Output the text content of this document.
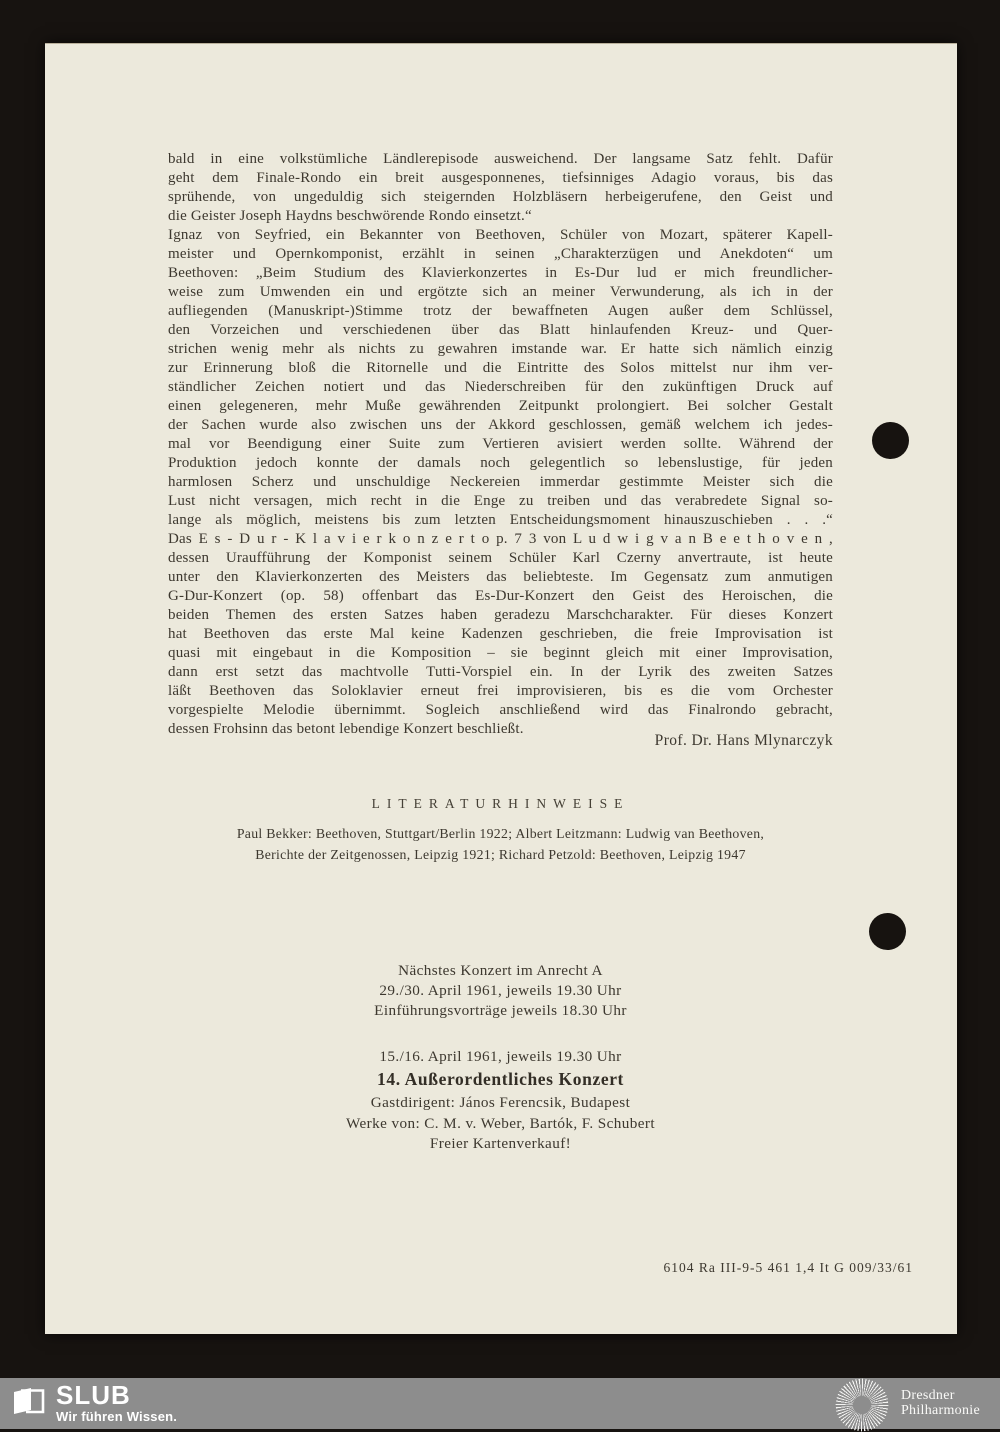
bald in eine volkstümliche Ländlerepisode ausweichend. Der langsame Satz fehlt. Dafür
geht dem Finale-Rondo ein breit ausgesponnenes, tiefsinniges Adagio voraus, bis das
sprühende, von ungeduldig sich steigernden Holzbläsern herbeigerufene, den Geist und
die Geister Joseph Haydns beschwörende Rondo einsetzt.“
Ignaz von Seyfried, ein Bekannter von Beethoven, Schüler von Mozart, späterer Kapell-
meister und Opernkomponist, erzählt in seinen „Charakterzügen und Anekdoten“ um
Beethoven: „Beim Studium des Klavierkonzertes in Es-Dur lud er mich freundlicher-
weise zum Umwenden ein und ergötzte sich an meiner Verwunderung, als ich in der
aufliegenden (Manuskript-)Stimme trotz der bewaffneten Augen außer dem Schlüssel,
den Vorzeichen und verschiedenen über das Blatt hinlaufenden Kreuz- und Quer-
strichen wenig mehr als nichts zu gewahren imstande war. Er hatte sich nämlich einzig
zur Erinnerung bloß die Ritornelle und die Eintritte des Solos mittelst nur ihm ver-
ständlicher Zeichen notiert und das Niederschreiben für den zukünftigen Druck auf
einen gelegeneren, mehr Muße gewährenden Zeitpunkt prolongiert. Bei solcher Gestalt
der Sachen wurde also zwischen uns der Akkord geschlossen, gemäß welchem ich jedes-
mal vor Beendigung einer Suite zum Vertieren avisiert werden sollte. Während der
Produktion jedoch konnte der damals noch gelegentlich so lebenslustige, für jeden
harmlosen Scherz und unschuldige Neckereien immerdar gestimmte Meister sich die
Lust nicht versagen, mich recht in die Enge zu treiben und das verabredete Signal so-
lange als möglich, meistens bis zum letzten Entscheidungsmoment hinauszuschieben . . .“
Das E s - D u r - K l a v i e r k o n z e r t o p. 7 3 von L u d w i g v a n B e e t h o v e n ,
dessen Uraufführung der Komponist seinem Schüler Karl Czerny anvertraute, ist heute
unter den Klavierkonzerten des Meisters das beliebteste. Im Gegensatz zum anmutigen
G-Dur-Konzert (op. 58) offenbart das Es-Dur-Konzert den Geist des Heroischen, die
beiden Themen des ersten Satzes haben geradezu Marschcharakter. Für dieses Konzert
hat Beethoven das erste Mal keine Kadenzen geschrieben, die freie Improvisation ist
quasi mit eingebaut in die Komposition – sie beginnt gleich mit einer Improvisation,
dann erst setzt das machtvolle Tutti-Vorspiel ein. In der Lyrik des zweiten Satzes
läßt Beethoven das Soloklavier erneut frei improvisieren, bis es die vom Orchester
vorgespielte Melodie übernimmt. Sogleich anschließend wird das Finalrondo gebracht,
dessen Frohsinn das betont lebendige Konzert beschließt.
Prof. Dr. Hans Mlynarczyk
LITERATURHINWEISE
Paul Bekker: Beethoven, Stuttgart/Berlin 1922; Albert Leitzmann: Ludwig van Beethoven,
Berichte der Zeitgenossen, Leipzig 1921; Richard Petzold: Beethoven, Leipzig 1947
Nächstes Konzert im Anrecht A
29./30. April 1961, jeweils 19.30 Uhr
Einführungsvorträge jeweils 18.30 Uhr
15./16. April 1961, jeweils 19.30 Uhr
14. Außerordentliches Konzert
Gastdirigent: János Ferencsik, Budapest
Werke von: C. M. v. Weber, Bartók, F. Schubert
Freier Kartenverkauf!
6104 Ra III-9-5 461 1,4 It G 009/33/61
SLUB
Wir führen Wissen.
Dresdner
Philharmonie
